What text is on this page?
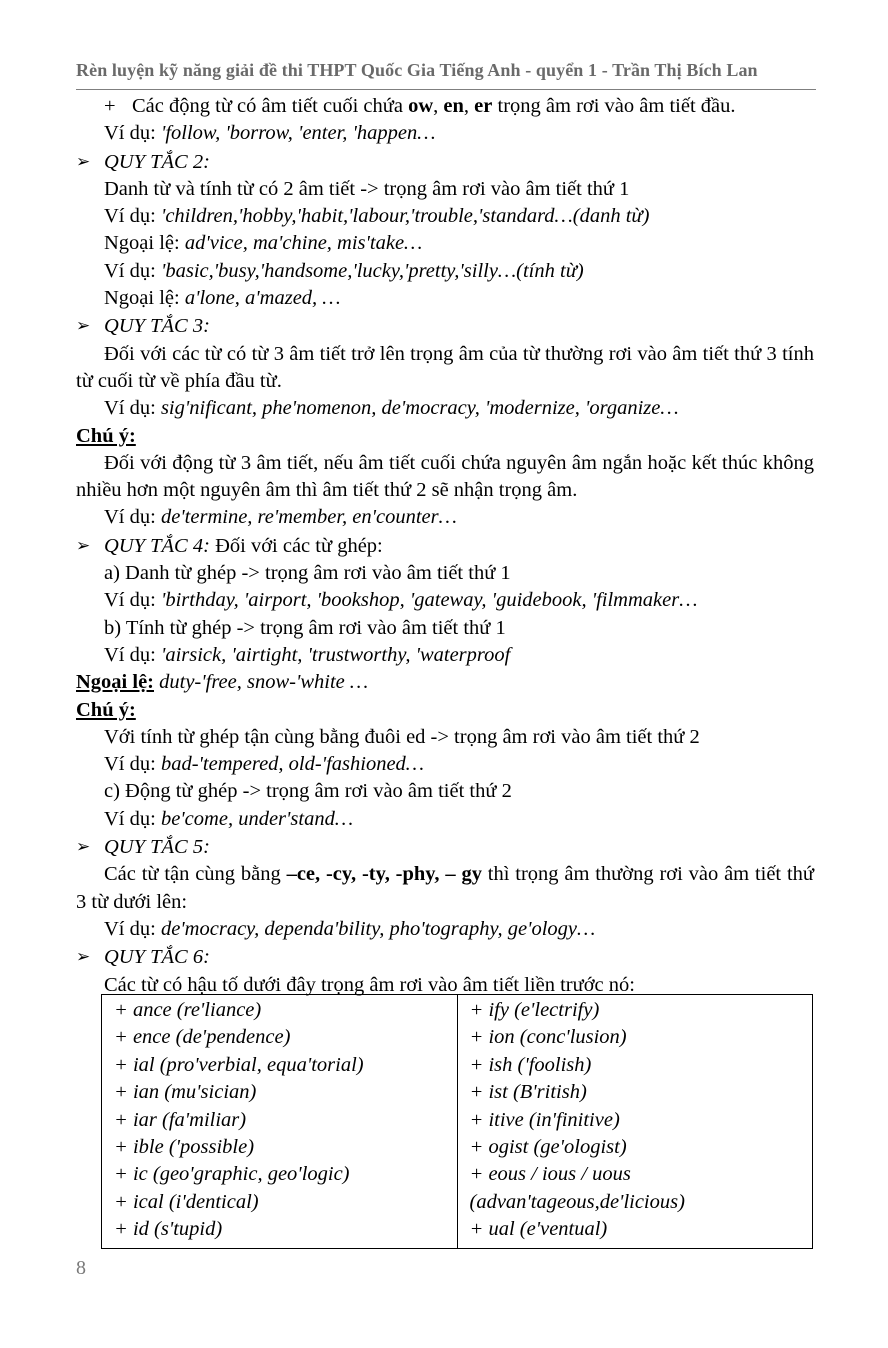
Rèn luyện kỹ năng giải đề thi THPT Quốc Gia Tiếng Anh - quyển 1 - Trần Thị Bích Lan
+ Các động từ có âm tiết cuối chứa ow, en, er trọng âm rơi vào âm tiết đầu.
Ví dụ: 'follow, 'borrow, 'enter, 'happen…
➢ QUY TẮC 2:
Danh từ và tính từ có 2 âm tiết -> trọng âm rơi vào âm tiết thứ 1
Ví dụ: 'children,'hobby,'habit,'labour,'trouble,'standard…(danh từ)
Ngoại lệ: ad'vice, ma'chine, mis'take…
Ví dụ: 'basic,'busy,'handsome,'lucky,'pretty,'silly…(tính từ)
Ngoại lệ: a'lone, a'mazed, …
➢ QUY TẮC 3:
Đối với các từ có từ 3 âm tiết trở lên trọng âm của từ thường rơi vào âm tiết thứ 3 tính từ cuối từ về phía đầu từ.
Ví dụ: sig'nificant, phe'nomenon, de'mocracy, 'modernize, 'organize…
Chú ý:
Đối với động từ 3 âm tiết, nếu âm tiết cuối chứa nguyên âm ngắn hoặc kết thúc không nhiều hơn một nguyên âm thì âm tiết thứ 2 sẽ nhận trọng âm.
Ví dụ: de'termine, re'member, en'counter…
➢ QUY TẮC 4: Đối với các từ ghép:
a) Danh từ ghép -> trọng âm rơi vào âm tiết thứ 1
Ví dụ: 'birthday, 'airport, 'bookshop, 'gateway, 'guidebook, 'filmmaker…
b) Tính từ ghép -> trọng âm rơi vào âm tiết thứ 1
Ví dụ: 'airsick, 'airtight, 'trustworthy, 'waterproof
Ngoại lệ: duty-'free, snow-'white …
Chú ý:
Với tính từ ghép tận cùng bằng đuôi ed -> trọng âm rơi vào âm tiết thứ 2
Ví dụ: bad-'tempered, old-'fashioned…
c) Động từ ghép -> trọng âm rơi vào âm tiết thứ 2
Ví dụ: be'come, under'stand…
➢ QUY TẮC 5:
Các từ tận cùng bằng –ce, -cy, -ty, -phy, – gy thì trọng âm thường rơi vào âm tiết thứ 3 từ dưới lên:
Ví dụ: de'mocracy, dependa'bility, pho'tography, ge'ology…
➢ QUY TẮC 6:
Các từ có hậu tố dưới đây trọng âm rơi vào âm tiết liền trước nó:
+ ance (re'liance)
+ ence (de'pendence)
+ ial (pro'verbial, equa'torial)
+ ian (mu'sician)
+ iar (fa'miliar)
+ ible ('possible)
+ ic (geo'graphic, geo'logic)
+ ical (i'dentical)
+ id (s'tupid)

+ ify (e'lectrify)
+ ion (conc'lusion)
+ ish ('foolish)
+ ist (B'ritish)
+ itive (in'finitive)
+ ogist (ge'ologist)
+ eous / ious / uous
(advan'tageous,de'licious)
+ ual (e'ventual)
8
